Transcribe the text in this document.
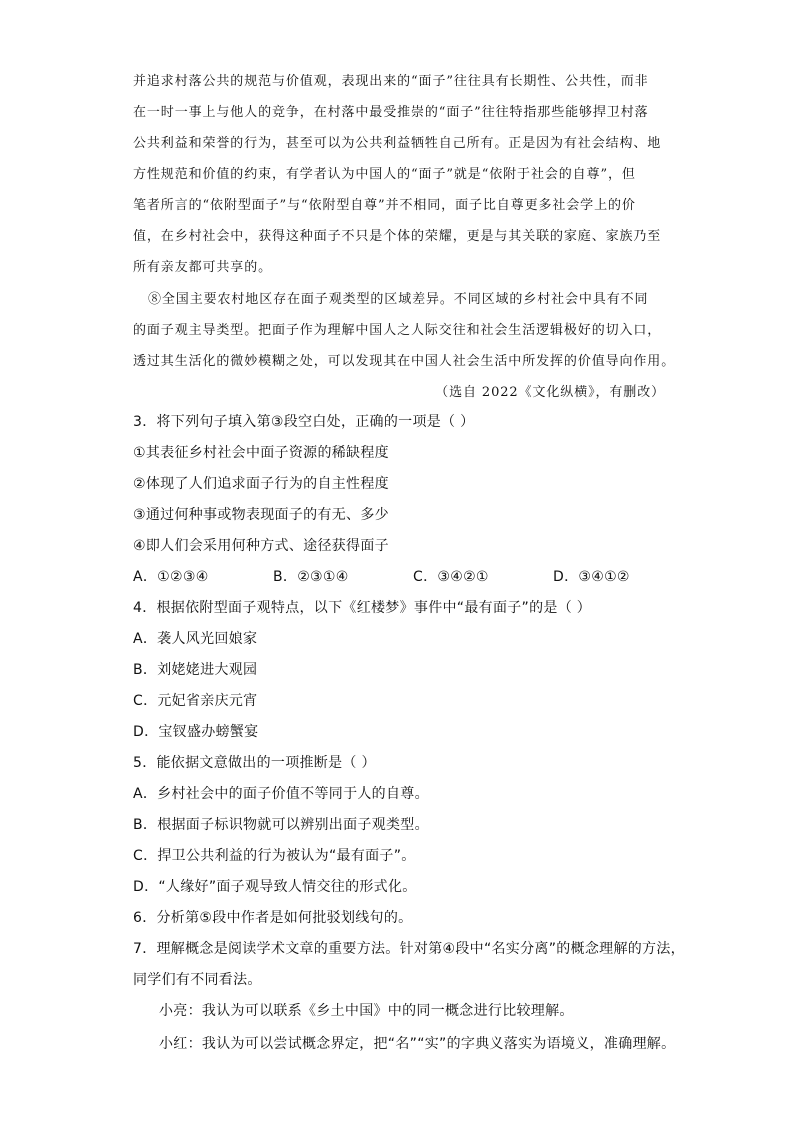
并追求村落公共的规范与价值观，表现出来的“面子”往往具有长期性、公共性，而非
在一时一事上与他人的竞争，在村落中最受推崇的“面子”往往特指那些能够捍卫村落
公共利益和荣誉的行为，甚至可以为公共利益牺牲自己所有。正是因为有社会结构、地
方性规范和价值的约束，有学者认为中国人的“面子”就是“依附于社会的自尊”，但
笔者所言的“依附型面子”与“依附型自尊”并不相同，面子比自尊更多社会学上的价
值，在乡村社会中，获得这种面子不只是个体的荣耀，更是与其关联的家庭、家族乃至
所有亲友都可共享的。
⑧全国主要农村地区存在面子观类型的区域差异。不同区域的乡村社会中具有不同
的面子观主导类型。把面子作为理解中国人之人际交往和社会生活逻辑极好的切入口，
透过其生活化的微妙模糊之处，可以发现其在中国人社会生活中所发挥的价值导向作用。
（选自 2022《文化纵横》，有删改）
3．将下列句子填入第③段空白处，正确的一项是（ ）
①其表征乡村社会中面子资源的稀缺程度
②体现了人们追求面子行为的自主性程度
③通过何种事或物表现面子的有无、多少
④即人们会采用何种方式、途径获得面子
A．①②③④	B．②③①④	C．③④②①	D．③④①②
4．根据依附型面子观特点，以下《红楼梦》事件中“最有面子”的是（ ）
A．袭人风光回娘家
B．刘姥姥进大观园
C．元妃省亲庆元宵
D．宝钗盛办螃蟹宴
5．能依据文意做出的一项推断是（ ）
A．乡村社会中的面子价值不等同于人的自尊。
B．根据面子标识物就可以辨别出面子观类型。
C．捍卫公共利益的行为被认为“最有面子”。
D．“人缘好”面子观导致人情交往的形式化。
6．分析第⑤段中作者是如何批驳划线句的。
7．理解概念是阅读学术文章的重要方法。针对第④段中“名实分离”的概念理解的方法，
同学们有不同看法。
小亮：我认为可以联系《乡土中国》中的同一概念进行比较理解。
小红：我认为可以尝试概念界定，把“名”“实”的字典义落实为语境义，准确理解。
